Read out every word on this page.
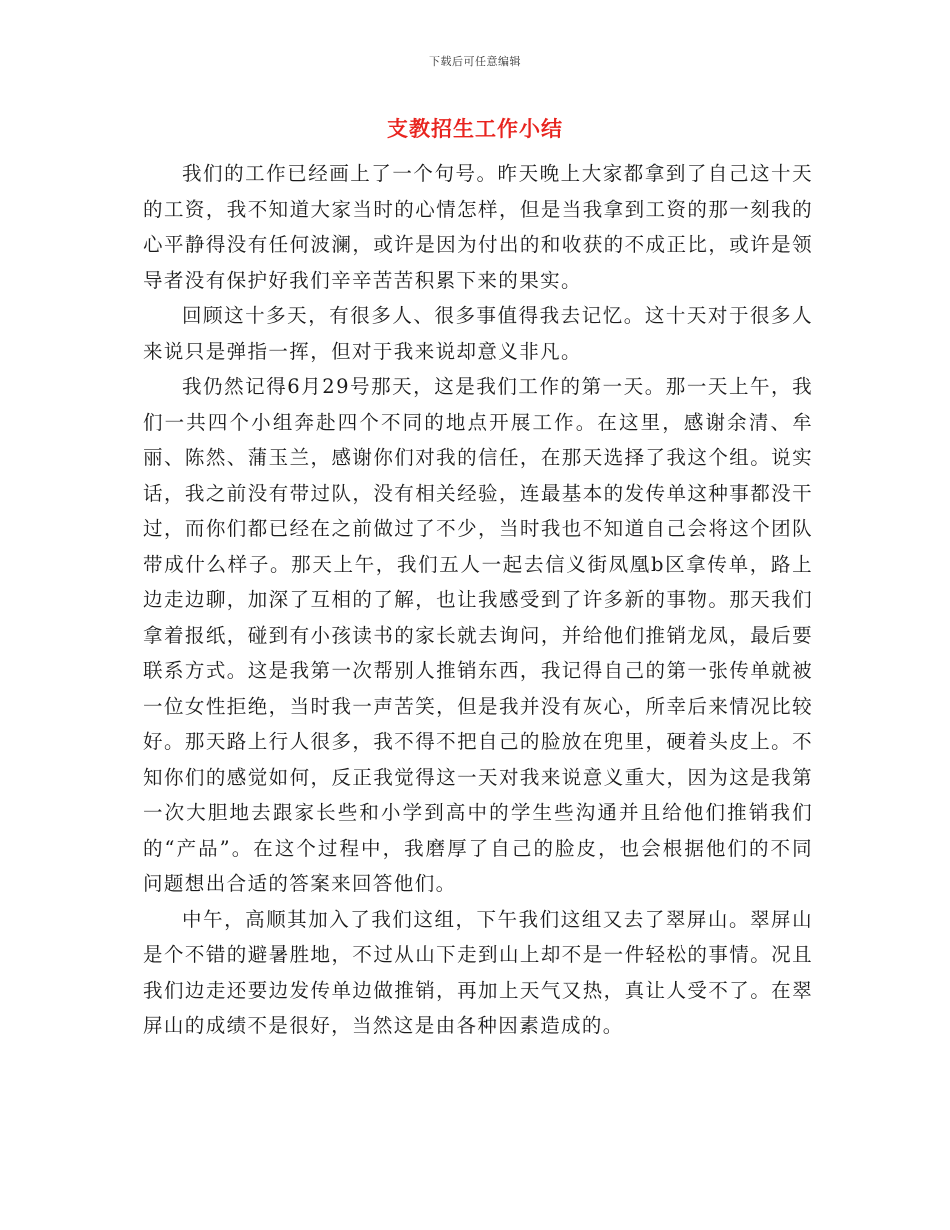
下载后可任意编辑
支教招生工作小结

我们的工作已经画上了一个句号。昨天晚上大家都拿到了自己这十天的工资，我不知道大家当时的心情怎样，但是当我拿到工资的那一刻我的心平静得没有任何波澜，或许是因为付出的和收获的不成正比，或许是领导者没有保护好我们辛辛苦苦积累下来的果实。

回顾这十多天，有很多人、很多事值得我去记忆。这十天对于很多人来说只是弹指一挥，但对于我来说却意义非凡。

我仍然记得6月29号那天，这是我们工作的第一天。那一天上午，我们一共四个小组奔赴四个不同的地点开展工作。在这里，感谢余清、牟丽、陈然、蒲玉兰，感谢你们对我的信任，在那天选择了我这个组。说实话，我之前没有带过队，没有相关经验，连最基本的发传单这种事都没干过，而你们都已经在之前做过了不少，当时我也不知道自己会将这个团队带成什么样子。那天上午，我们五人一起去信义街凤凰b区拿传单，路上边走边聊，加深了互相的了解，也让我感受到了许多新的事物。那天我们拿着报纸，碰到有小孩读书的家长就去询问，并给他们推销龙凤，最后要联系方式。这是我第一次帮别人推销东西，我记得自己的第一张传单就被一位女性拒绝，当时我一声苦笑，但是我并没有灰心，所幸后来情况比较好。那天路上行人很多，我不得不把自己的脸放在兜里，硬着头皮上。不知你们的感觉如何，反正我觉得这一天对我来说意义重大，因为这是我第一次大胆地去跟家长些和小学到高中的学生些沟通并且给他们推销我们的“产品”。在这个过程中，我磨厚了自己的脸皮，也会根据他们的不同问题想出合适的答案来回答他们。

中午，高顺其加入了我们这组，下午我们这组又去了翠屏山。翠屏山是个不错的避暑胜地，不过从山下走到山上却不是一件轻松的事情。况且我们边走还要边发传单边做推销，再加上天气又热，真让人受不了。在翠屏山的成绩不是很好，当然这是由各种因素造成的。
